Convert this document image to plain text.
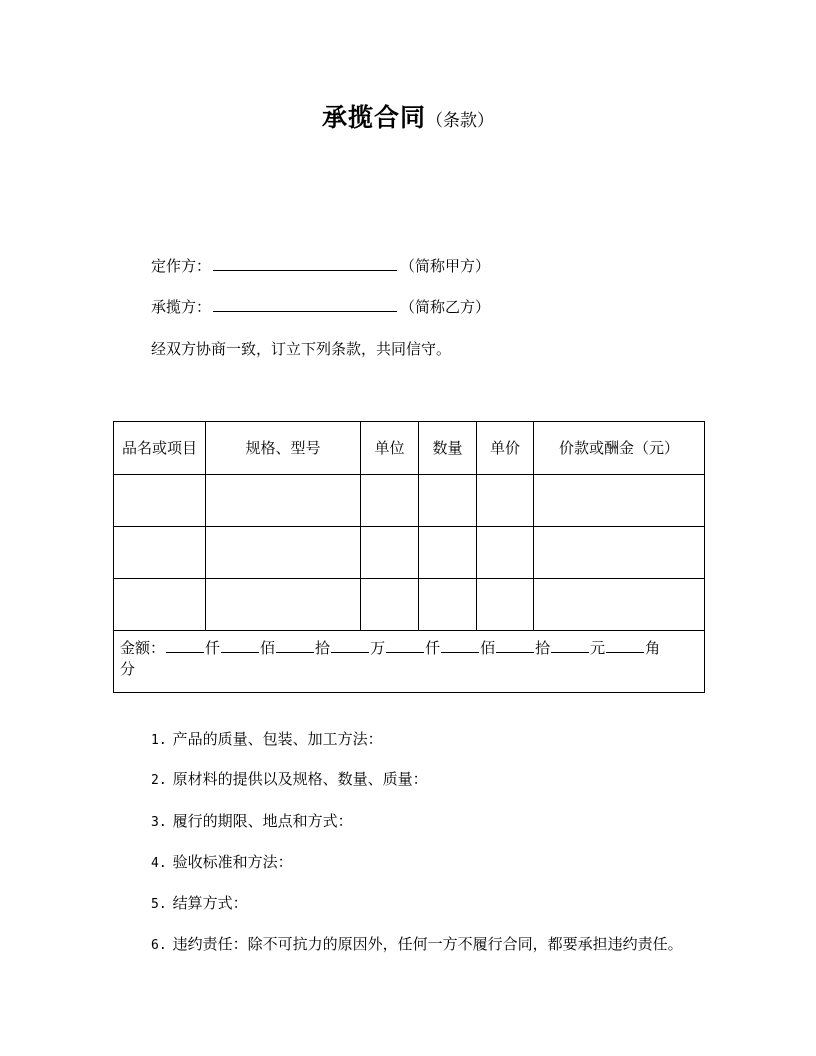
承揽合同（条款）
定作方：	（简称甲方）
承揽方：	（简称乙方）
经双方协商一致，订立下列条款，共同信守。
品名或项目	规格、型号	单位	数量	单价	价款或酬金（元）

金额： 仟 佰 拾 万 仟 佰 拾 元 角
分					
1. 产品的质量、包装、加工方法：
2. 原材料的提供以及规格、数量、质量：
3. 履行的期限、地点和方式：
4. 验收标准和方法：
5. 结算方式：
6. 违约责任：除不可抗力的原因外，任何一方不履行合同，都要承担违约责任。
